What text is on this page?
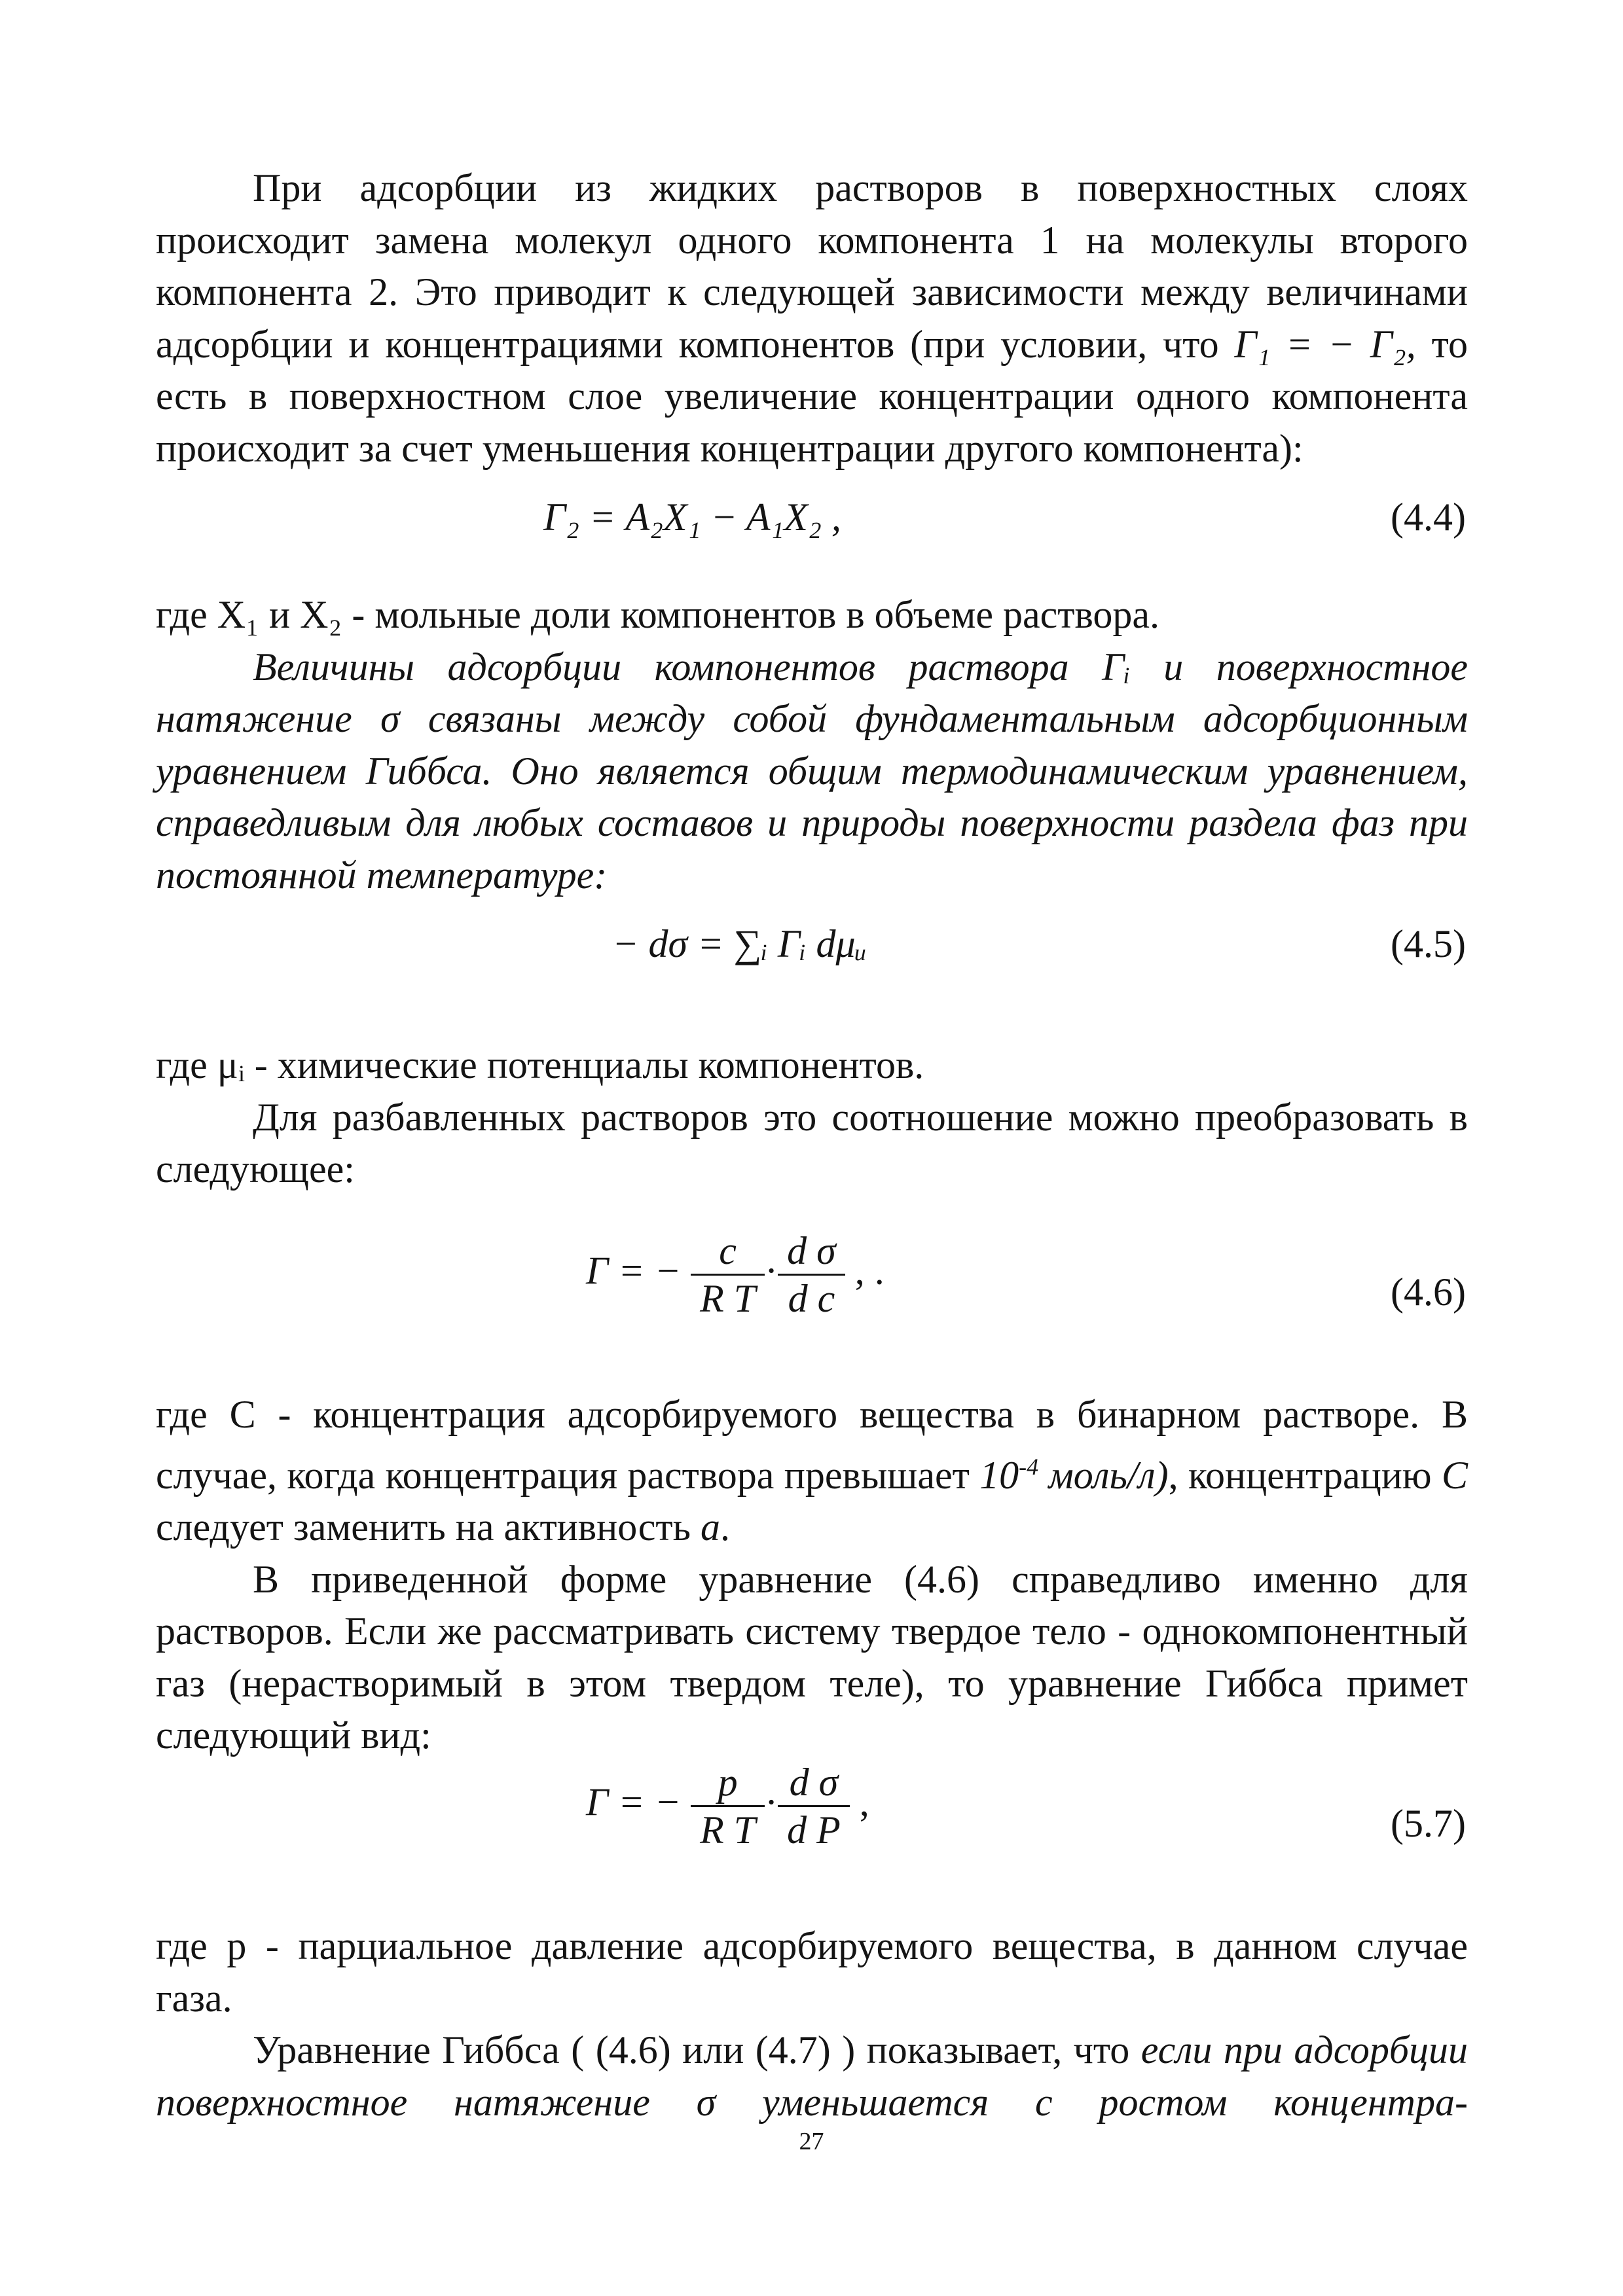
При адсорбции из жидких растворов в поверхностных слоях происходит замена молекул одного компонента 1 на молекулы второго компонента 2. Это приводит к следующей зависимости между величинами адсорбции и концентрациями компонентов (при условии, что Г₁ = − Г₂, то есть в поверхностном слое увеличение концентрации одного компонента происходит за счет уменьшения концентрации другого компонента):

Г₂ = A₂X₁ − A₁X₂ ,	(4.4)

где X₁ и X₂ - мольные доли компонентов в объеме раствора.

Величины адсорбции компонентов раствора Гᵢ и поверхностное натяжение σ связаны между собой фундаментальным адсорбционным уравнением Гиббса. Оно является общим термодинамическим уравнением, справедливым для любых составов и природы поверхности раздела фаз при постоянной температуре:

− dσ = ∑ᵢ Гᵢ dμᵤ	(4.5)

где μᵢ - химические потенциалы компонентов.

Для разбавленных растворов это соотношение можно преобразовать в следующее:

Г = − $\frac{c}{\text{R T}} \cdot \frac{\text{d σ}}{\text{d c}}$ , .	(4.6)

где C - концентрация адсорбируемого вещества в бинарном растворе. В случае, когда концентрация раствора превышает $10^{-4}$ моль/л), концентрацию C следует заменить на активность a.

В приведенной форме уравнение (4.6) справедливо именно для растворов. Если же рассматривать систему твердое тело - однокомпонентный газ (нерастворимый в этом твердом теле), то уравнение Гиббса примет следующий вид:

Г = − $\frac{p}{\text{R T}} \cdot \frac{\text{d σ}}{\text{d P}}$ ,	(5.7)

где p - парциальное давление адсорбируемого вещества, в данном случае газа.

Уравнение Гиббса ( (4.6) или (4.7) ) показывает, что если при адсорбции поверхностное натяжение σ уменьшается с ростом концентра-

27
